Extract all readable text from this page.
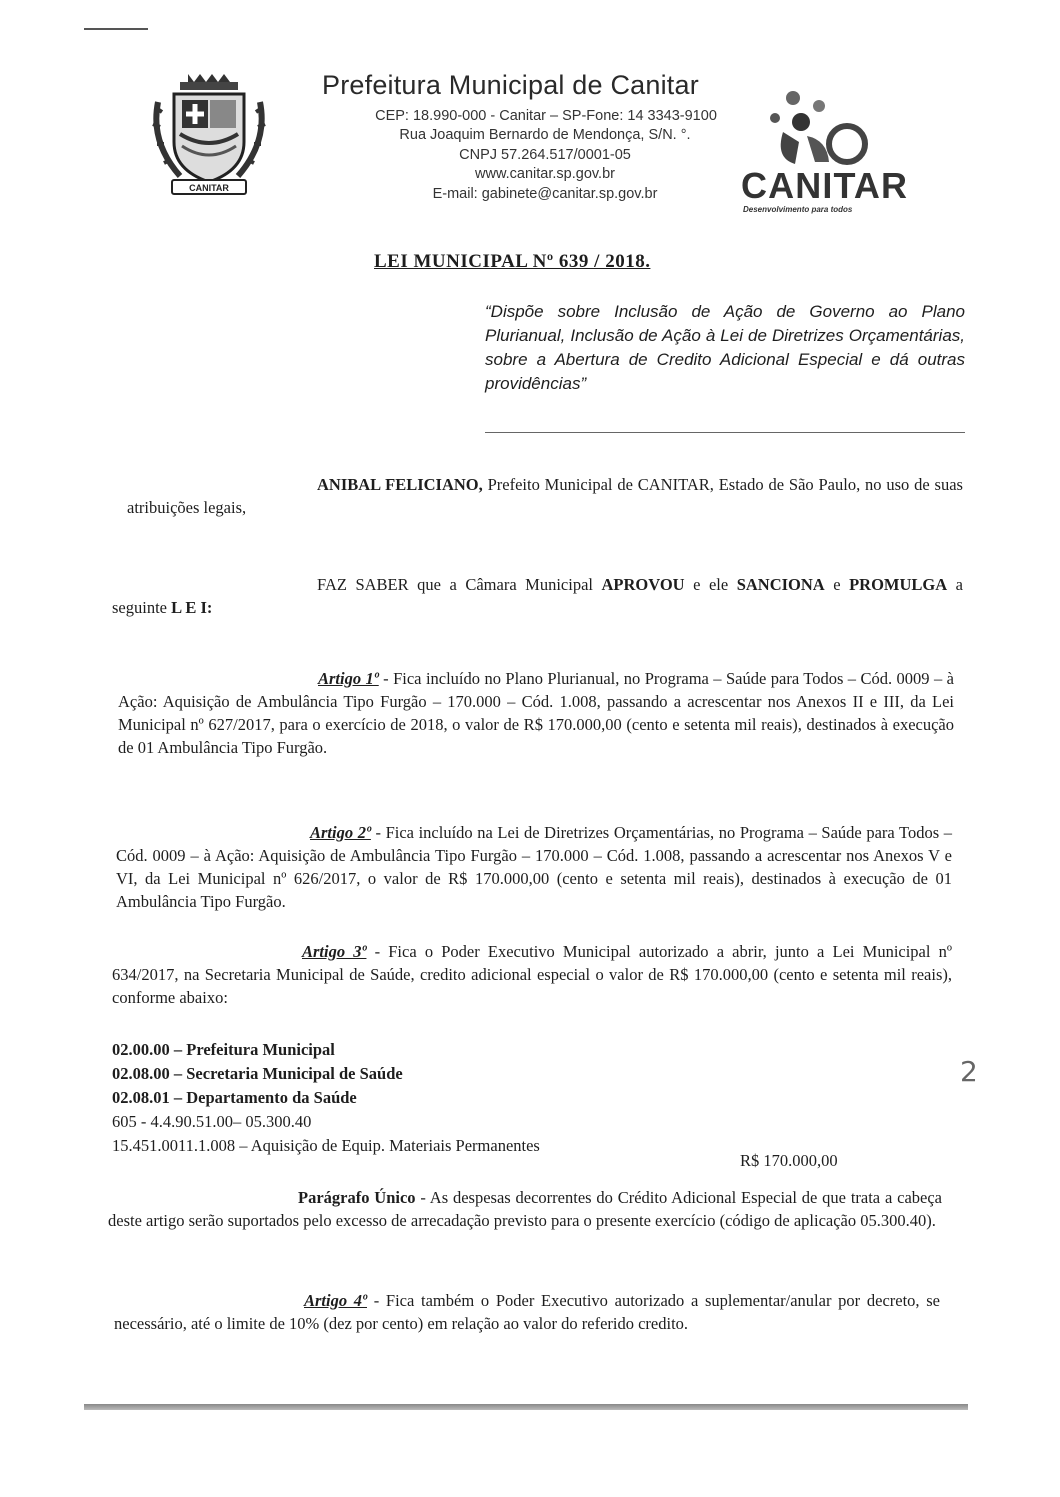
CANITAR
Prefeitura Municipal de Canitar
CEP: 18.990-000 - Canitar – SP-Fone: 14 3343-9100
Rua Joaquim Bernardo de Mendonça, S/N. °.
CNPJ 57.264.517/0001-05
www.canitar.sp.gov.br
E-mail: gabinete@canitar.sp.gov.br	CANITAR
Desenvolvimento para todos
LEI MUNICIPAL Nº 639 / 2018.
“Dispõe sobre Inclusão de Ação de Governo ao Plano Plurianual, Inclusão de Ação à Lei de Diretrizes Orçamentárias, sobre a Abertura de Credito Adicional Especial e dá outras providências”
ANIBAL FELICIANO, Prefeito Municipal de CANITAR, Estado de São Paulo, no uso de suas atribuições legais,
FAZ SABER que a Câmara Municipal APROVOU e ele SANCIONA e PROMULGA a seguinte L E I:
Artigo 1º - Fica incluído no Plano Plurianual, no Programa – Saúde para Todos – Cód. 0009 – à Ação: Aquisição de Ambulância Tipo Furgão – 170.000 – Cód. 1.008, passando a acrescentar nos Anexos II e III, da Lei Municipal nº 627/2017, para o exercício de 2018, o valor de R$ 170.000,00 (cento e setenta mil reais), destinados à execução de 01 Ambulância Tipo Furgão.
Artigo 2º - Fica incluído na Lei de Diretrizes Orçamentárias, no Programa – Saúde para Todos – Cód. 0009 – à Ação: Aquisição de Ambulância Tipo Furgão – 170.000 – Cód. 1.008, passando a acrescentar nos Anexos V e VI, da Lei Municipal nº 626/2017, o valor de R$ 170.000,00 (cento e setenta mil reais), destinados à execução de 01 Ambulância Tipo Furgão.
Artigo 3º - Fica o Poder Executivo Municipal autorizado a abrir, junto a Lei Municipal nº 634/2017, na Secretaria Municipal de Saúde, credito adicional especial o valor de R$ 170.000,00 (cento e setenta mil reais), conforme abaixo:
02.00.00 – Prefeitura Municipal
02.08.00 – Secretaria Municipal de Saúde
02.08.01 – Departamento da Saúde
605 - 4.4.90.51.00– 05.300.40
15.451.0011.1.008 – Aquisição de Equip. Materiais Permanentes
R$ 170.000,00
2
Parágrafo Único - As despesas decorrentes do Crédito Adicional Especial de que trata a cabeça deste artigo serão suportados pelo excesso de arrecadação previsto para o presente exercício (código de aplicação 05.300.40).
Artigo 4º - Fica também o Poder Executivo autorizado a suplementar/anular por decreto, se necessário, até o limite de 10% (dez por cento) em relação ao valor do referido credito.
